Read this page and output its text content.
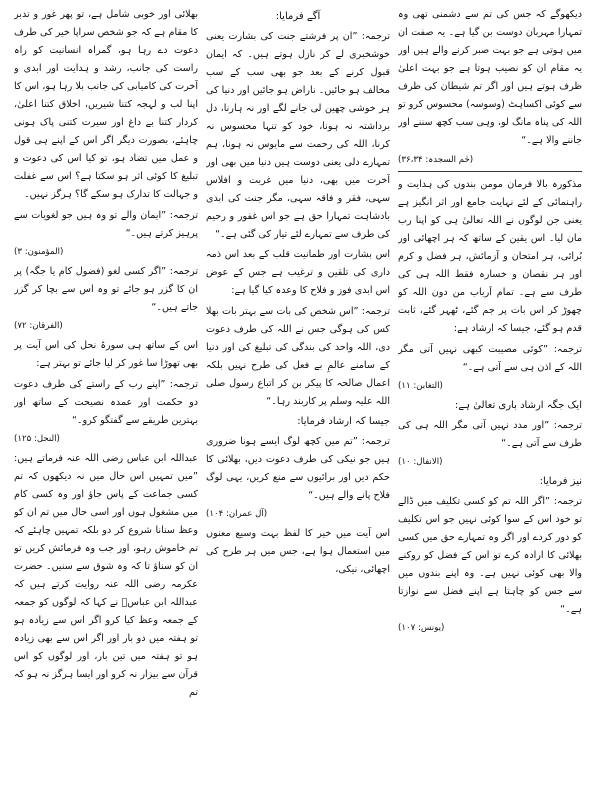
دیکھوگے کہ جس کی تم سے دشمنی تھی وہ تمہارا مہربان دوست بن گیا ہے۔ یہ صفت ان میں ہوتی ہے جو بہت صبر کرنے والے ہیں اور یہ مقام ان کو نصیب ہوتا ہے جو بہت اعلیٰ ظرف ہوتے ہیں اور اگر تم شیطان کی طرف سے کوئی اکساہٹ (وسوسہ) محسوس کرو تو اللہ کی پناہ مانگ لو، وہی سب کچھ سننے اور جاننے والا ہے۔“

(حٰم السجدہ: ۳۶،۳۴)

مذکورہ بالا فرمان مومن بندوں کی ہدایت و راہنمائی کے لئے نہایت جامع اور اثر انگیز ہے یعنی جن لوگوں نے اللہ تعالیٰ ہی کو اپنا رب مان لیا۔ اس یقین کے ساتھ کہ ہر اچھائی اور بُرائی، ہر امتحان و آزمائش، ہر فضل و کرم اور ہر نقصان و خسارہ فقط اللہ ہی کی طرف سے ہے۔ تمام اَرباب من دون اللہ کو چھوڑ کر اس بات پر جم گئے، ٹھہر گئے، ثابت قدم ہو گئے، جیسا کہ ارشاد ہے:

ترجمہ: ”کوئی مصیبت کبھی نہیں آتی مگر اللہ کے اذن ہی سے آتی ہے۔“

(التغابن: ۱۱)

ایک جگہ ارشاد باری تعالیٰ ہے:

ترجمہ: ”اور مدد نہیں آتی مگر اللہ ہی کی طرف سے آتی ہے۔“

(الانفال: ۱۰)

نیز فرمایا:

ترجمہ: ”اگر اللہ تم کو کسی تکلیف میں ڈالے تو خود اس کے سوا کوئی نہیں جو اس تکلیف کو دور کردے اور اگر وہ تمہارے حق میں کسی بھلائی کا ارادہ کرے تو اس کے فضل کو روکنے والا بھی کوئی نہیں ہے۔ وہ اپنے بندوں میں سے جس کو چاہتا ہے اپنے فضل سے نوازتا ہے۔“

(یونس: ۱۰۷)

آگے فرمایا:

ترجمہ: ”ان پر فرشتے جنت کی بشارت یعنی خوشخبری لے کر نازل ہوتے ہیں۔ کہ ایمان قبول کرنے کے بعد جو بھی سب کے سب مخالف ہو جائیں۔ ناراض ہو جائیں اور دنیا کی ہر خوشی چھین لی جانے لگے اور نہ ہارنا، دل برداشتہ نہ ہونا، خود کو تنہا محسوس نہ کرنا، اللہ کی رحمت سے مایوس نہ ہونا، ہم تمہارے دلی یعنی دوست ہیں دنیا میں بھی اور آخرت میں بھی، دنیا میں غربت و افلاس سہی، فقر و فاقہ سہی، مگر جنت کی ابدی بادشاہت تمہارا حق ہے جو اس غفور و رحیم کی طرف سے تمہارے لئے تیار کی گئی ہے۔“

اس بشارت اور طمانیت قلب کے بعد اس ذمہ داری کی تلقین و ترغیب ہے جس کے عوض اس ابدی فوز و فلاح کا وعدہ کیا گیا ہے:

ترجمہ: ”اس شخص کی بات سے بہتر بات بھلا کس کی ہوگی جس نے اللہ کی طرف دعوت دی، اللہ واحد کی بندگی کی تبلیغ کی اور دنیا کے سامنے عالمِ بے فعل کی طرح نہیں بلکہ اعمال صالحہ کا پیکر بن کر اتباع رسول صلی اللہ علیہ وسلم پر کاربند رہا۔“

جیسا کہ ارشاد فرمایا:

ترجمہ: ”تم میں کچھ لوگ ایسے ہونا ضروری ہیں جو نیکی کی طرف دعوت دیں، بھلائی کا حکم دیں اور برائیوں سے منع کریں، یہی لوگ فلاح پانے والے ہیں۔“

(آل عمران: ۱۰۴)

اس آیت میں خیر کا لفظ بہت وسیع معنوں میں استعمال ہوا ہے، جس میں ہر طرح کی اچھائی، نیکی،

بھلائی اور خوبی شامل ہے، تو پھر غور و تدبر کا مقام ہے کہ جو شخص سراپا خیر کی طرف دعوت دے رہا ہو، گمراہ انسانیت کو راہ راست کی جانب، رشد و ہدایت اور ابدی و آخرت کی کامیابی کی جانب بلا رہا ہو، اس کا اپنا لب و لہجہ کتنا شیریں، اخلاق کتنا اعلیٰ، کردار کتنا بے داغ اور سیرت کتنی پاک ہونی چاہئے، بصورت دیگر اگر اس کے اپنے ہی قول و عمل میں تضاد ہو، تو کیا اس کی دعوت و تبلیغ کا کوئی اثر ہو سکتا ہے؟ اس سے غفلت و جہالت کا تدارک ہو سکے گا؟ ہرگز نہیں۔

ترجمہ: ”ایمان والے تو وہ ہیں جو لغویات سے پرہیز کرتے ہیں۔“

(المؤمنون: ۳)

ترجمہ: ”اگر کسی لغو (فضول کام یا جگہ) پر ان کا گزر ہو جائے تو وہ اس سے بچا کر گزر جاتے ہیں۔“

(الفرقان: ۷۲)

اس کے ساتھ ہی سورۃ نحل کی اس آیت پر بھی تھوڑا سا غور کر لیا جائے تو بہتر ہے:

ترجمہ: ”اپنے رب کے راستے کی طرف دعوت دو حکمت اور عمدہ نصیحت کے ساتھ اور بہترین طریقے سے گفتگو کرو۔“

(النحل: ۱۲۵)

عبداللہ ابن عباس رضی اللہ عنہ فرماتے ہیں: ”میں تمہیں اس حال میں نہ دیکھوں کہ تم کسی جماعت کے پاس جاؤ اور وہ کسی کام میں مشغول ہوں اور اسی حال میں تم ان کو وعظ سنانا شروع کر دو بلکہ تمہیں چاہئے کہ تم خاموش رہو، اور جب وہ فرمائش کریں تو ان کو سناؤ تا کہ وہ شوق سے سنیں۔ حضرت عکرمہ رضی اللہ عنہ روایت کرتے ہیں کہ عبداللہ ابن عباسؓ نے کہا کہ لوگوں کو جمعہ کے جمعہ وعظ کیا کرو اگر اس سے زیادہ ہو تو ہفتہ میں دو بار اور اگر اس سے بھی زیادہ ہو تو ہفتہ میں تین بار، اور لوگوں کو اس قرآن سے بیزار نہ کرو اور ایسا ہرگز نہ ہو کہ تم
